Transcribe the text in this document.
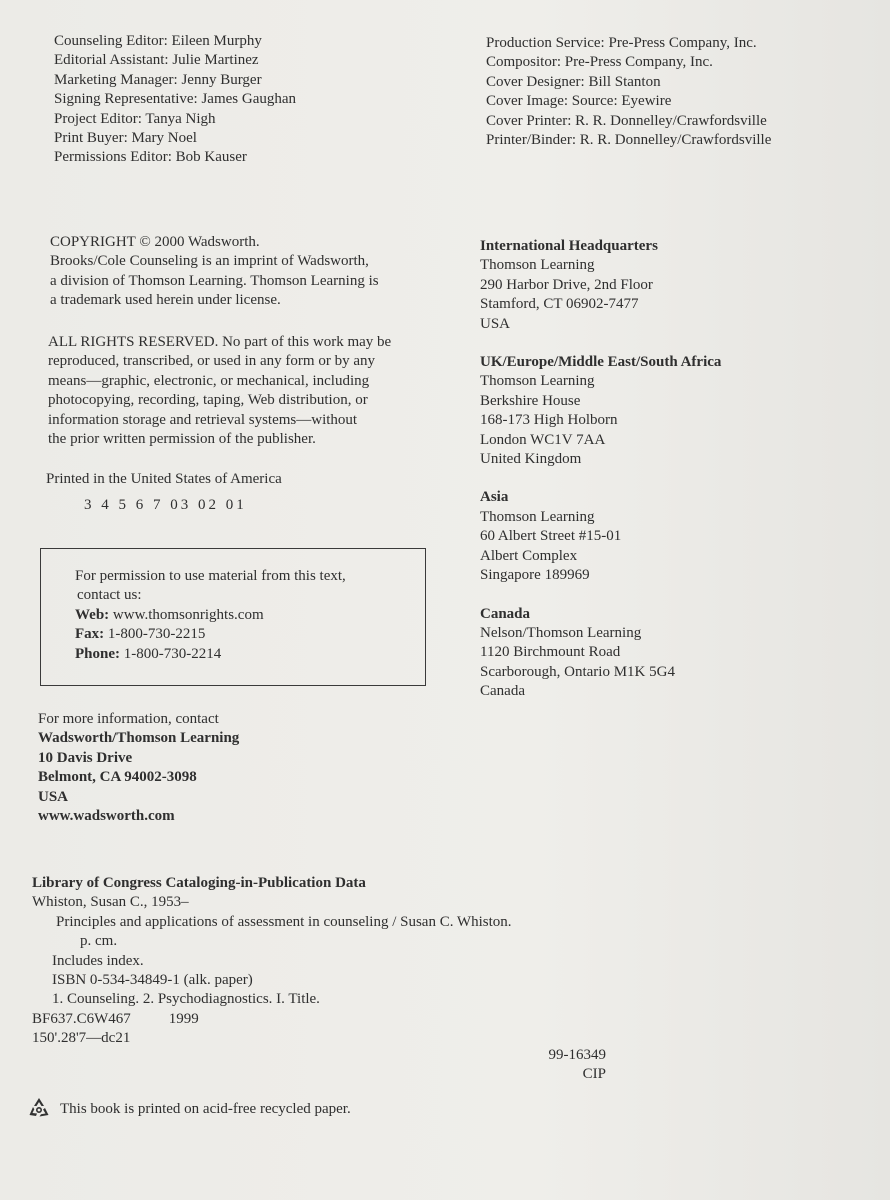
Counseling Editor: Eileen Murphy
Editorial Assistant: Julie Martinez
Marketing Manager: Jenny Burger
Signing Representative: James Gaughan
Project Editor: Tanya Nigh
Print Buyer: Mary Noel
Permissions Editor: Bob Kauser
Production Service: Pre-Press Company, Inc.
Compositor: Pre-Press Company, Inc.
Cover Designer: Bill Stanton
Cover Image: Source: Eyewire
Cover Printer: R. R. Donnelley/Crawfordsville
Printer/Binder: R. R. Donnelley/Crawfordsville
COPYRIGHT © 2000 Wadsworth.
Brooks/Cole Counseling is an imprint of Wadsworth,
a division of Thomson Learning. Thomson Learning is
a trademark used herein under license.
ALL RIGHTS RESERVED. No part of this work may be
reproduced, transcribed, or used in any form or by any
means—graphic, electronic, or mechanical, including
photocopying, recording, taping, Web distribution, or
information storage and retrieval systems—without
the prior written permission of the publisher.
Printed in the United States of America
3 4 5 6 7 03 02 01
For permission to use material from this text,
contact us:
Web: www.thomsonrights.com
Fax: 1-800-730-2215
Phone: 1-800-730-2214
For more information, contact
Wadsworth/Thomson Learning
10 Davis Drive
Belmont, CA 94002-3098
USA
www.wadsworth.com
International Headquarters
Thomson Learning
290 Harbor Drive, 2nd Floor
Stamford, CT 06902-7477
USA
UK/Europe/Middle East/South Africa
Thomson Learning
Berkshire House
168-173 High Holborn
London WC1V 7AA
United Kingdom
Asia
Thomson Learning
60 Albert Street #15-01
Albert Complex
Singapore 189969
Canada
Nelson/Thomson Learning
1120 Birchmount Road
Scarborough, Ontario M1K 5G4
Canada
Library of Congress Cataloging-in-Publication Data
Whiston, Susan C., 1953–
Principles and applications of assessment in counseling / Susan C. Whiston.
p. cm.
Includes index.
ISBN 0-534-34849-1 (alk. paper)
1. Counseling. 2. Psychodiagnostics. I. Title.
BF637.C6W467	1999
150'.28'7—dc21
99-16349
CIP
This book is printed on acid-free recycled paper.
